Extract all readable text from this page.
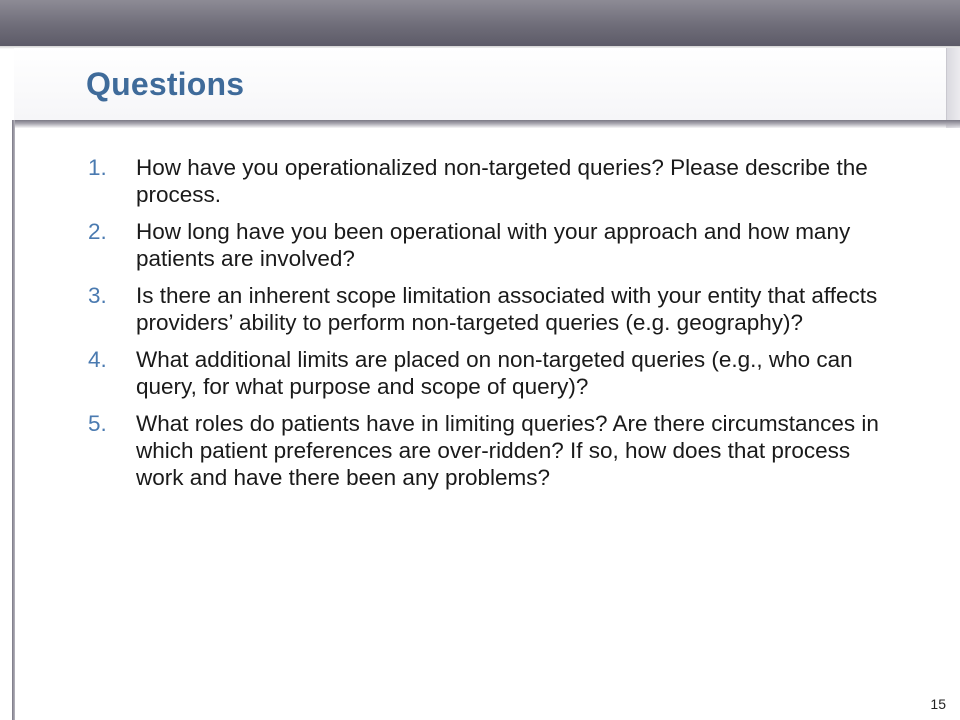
Questions
1. How have you operationalized non-targeted queries? Please describe the process.
2. How long have you been operational with your approach and how many patients are involved?
3. Is there an inherent scope limitation associated with your entity that affects providers’ ability to perform non-targeted queries (e.g. geography)?
4. What additional limits are placed on non-targeted queries (e.g., who can query, for what purpose and scope of query)?
5. What roles do patients have in limiting queries? Are there circumstances in which patient preferences are over-ridden? If so, how does that process work and have there been any problems?
15
